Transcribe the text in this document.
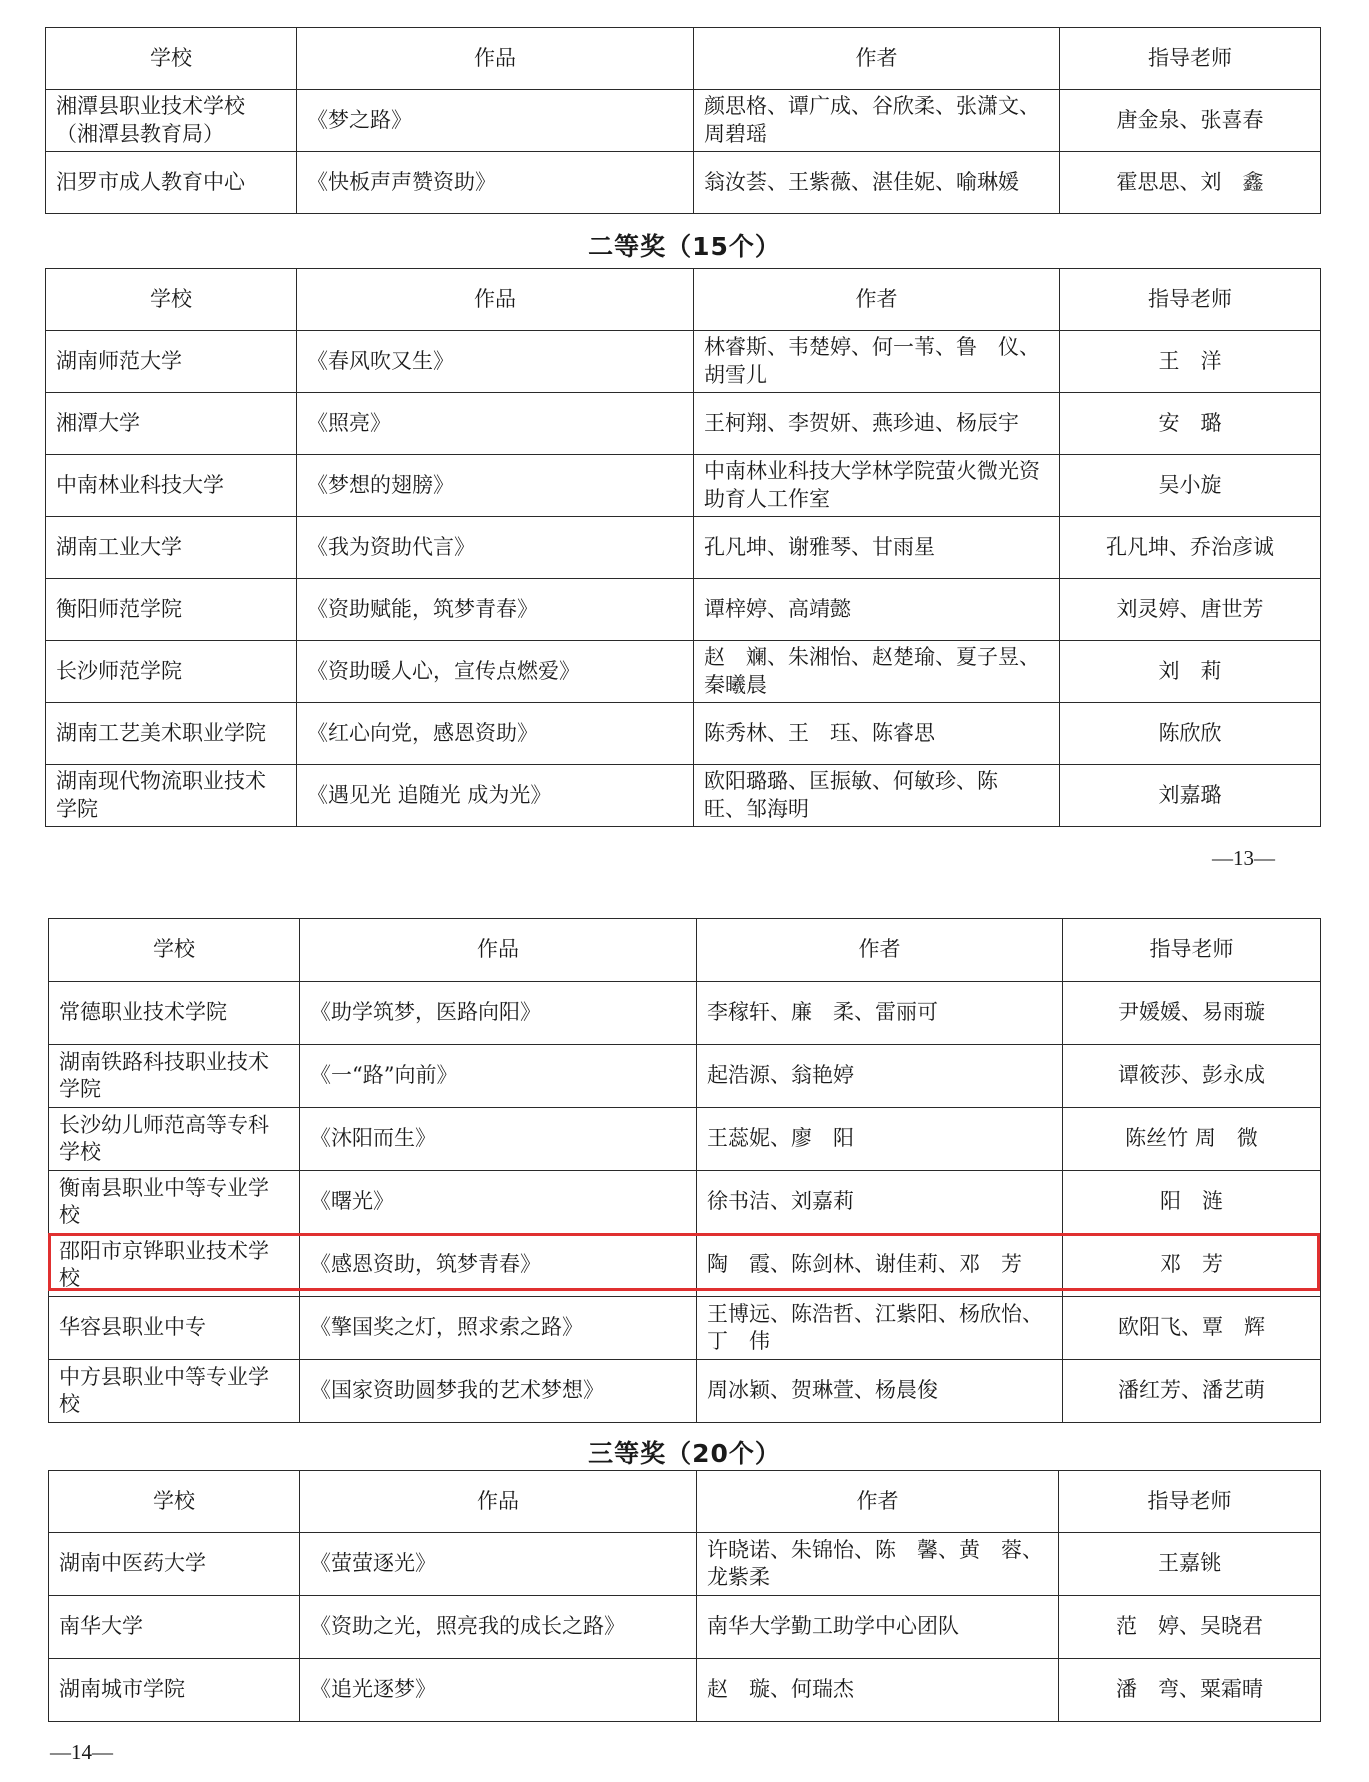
学校	作品	作者	指导老师
湘潭县职业技术学校（湘潭县教育局）	《梦之路》	颜思格、谭广成、谷欣柔、张潇文、周碧瑶	唐金泉、张喜春
汨罗市成人教育中心	《快板声声赞资助》	翁汝荟、王紫薇、湛佳妮、喻琳媛	霍思思、刘　鑫
二等奖（15个）
学校	作品	作者	指导老师
湖南师范大学	《春风吹又生》	林睿斯、韦楚婷、何一苇、鲁　仪、胡雪儿	王　洋
湘潭大学	《照亮》	王柯翔、李贺妍、燕珍迪、杨辰宇	安　璐
中南林业科技大学	《梦想的翅膀》	中南林业科技大学林学院萤火微光资助育人工作室	吴小旋
湖南工业大学	《我为资助代言》	孔凡坤、谢雅琴、甘雨星	孔凡坤、乔治彦诚
衡阳师范学院	《资助赋能，筑梦青春》	谭梓婷、高靖懿	刘灵婷、唐世芳
长沙师范学院	《资助暖人心，宣传点燃爱》	赵　斓、朱湘怡、赵楚瑜、夏子昱、秦曦晨	刘　莉
湖南工艺美术职业学院	《红心向党，感恩资助》	陈秀林、王　珏、陈睿思	陈欣欣
湖南现代物流职业技术学院	《遇见光 追随光 成为光》	欧阳璐璐、匡振敏、何敏珍、陈　旺、邹海明	刘嘉璐
—13—
学校	作品	作者	指导老师
常德职业技术学院	《助学筑梦，医路向阳》	李稼轩、廉　柔、雷丽可	尹媛媛、易雨璇
湖南铁路科技职业技术学院	《一“路”向前》	起浩源、翁艳婷	谭筱莎、彭永成
长沙幼儿师范高等专科学校	《沐阳而生》	王蕊妮、廖　阳	陈丝竹 周　微
衡南县职业中等专业学校	《曙光》	徐书洁、刘嘉莉	阳　涟
邵阳市京铧职业技术学校	《感恩资助，筑梦青春》	陶　霞、陈剑林、谢佳莉、邓　芳	邓　芳
华容县职业中专	《擎国奖之灯，照求索之路》	王博远、陈浩哲、江紫阳、杨欣怡、丁　伟	欧阳飞、覃　辉
中方县职业中等专业学校	《国家资助圆梦我的艺术梦想》	周冰颖、贺琳萱、杨晨俊	潘红芳、潘艺萌
三等奖（20个）
学校	作品	作者	指导老师
湖南中医药大学	《萤萤逐光》	许晓诺、朱锦怡、陈　馨、黄　蓉、龙紫柔	王嘉铫
南华大学	《资助之光，照亮我的成长之路》	南华大学勤工助学中心团队	范　婷、吴晓君
湖南城市学院	《追光逐梦》	赵　璇、何瑞杰	潘　弯、粟霜晴
—14—
